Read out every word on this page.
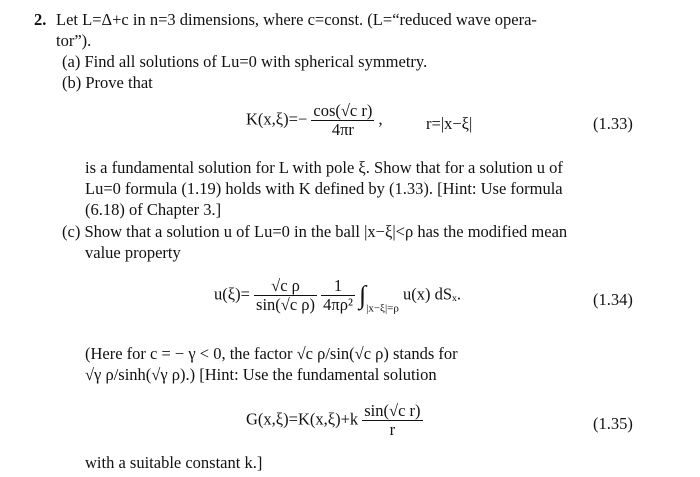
2. Let L=Δ+c in n=3 dimensions, where c=const. (L=“reduced wave opera-
tor”).
(a) Find all solutions of Lu=0 with spherical symmetry.
(b) Prove that
$K(x,\xi)=- \frac{\text{cos(√c r)}}{4\pi r}$ ,	r=|x−ξ|	(1.33)
is a fundamental solution for L with pole ξ. Show that for a solution u of
Lu=0 formula (1.19) holds with K defined by (1.33). [Hint: Use formula
(6.18) of Chapter 3.]
(c) Show that a solution u of Lu=0 in the ball |x−ξ|<ρ has the modified mean
value property
$u(\xi)= \frac{\text{√c ρ}}{\text{sin(√c ρ)}}$
$\frac{1}{\text{4πρ²}} \int_{|x-\xi|=\rho}$ u(x) dSₓ.	(1.34)
(Here for c = − γ < 0, the factor √c ρ/sin(√c ρ) stands for
√γ ρ/sinh(√γ ρ).) [Hint: Use the fundamental solution
$G(x,\xi)=K(x,\xi)+k \frac{\text{sin(√c r)}}{r}$	(1.35)
with a suitable constant k.]
